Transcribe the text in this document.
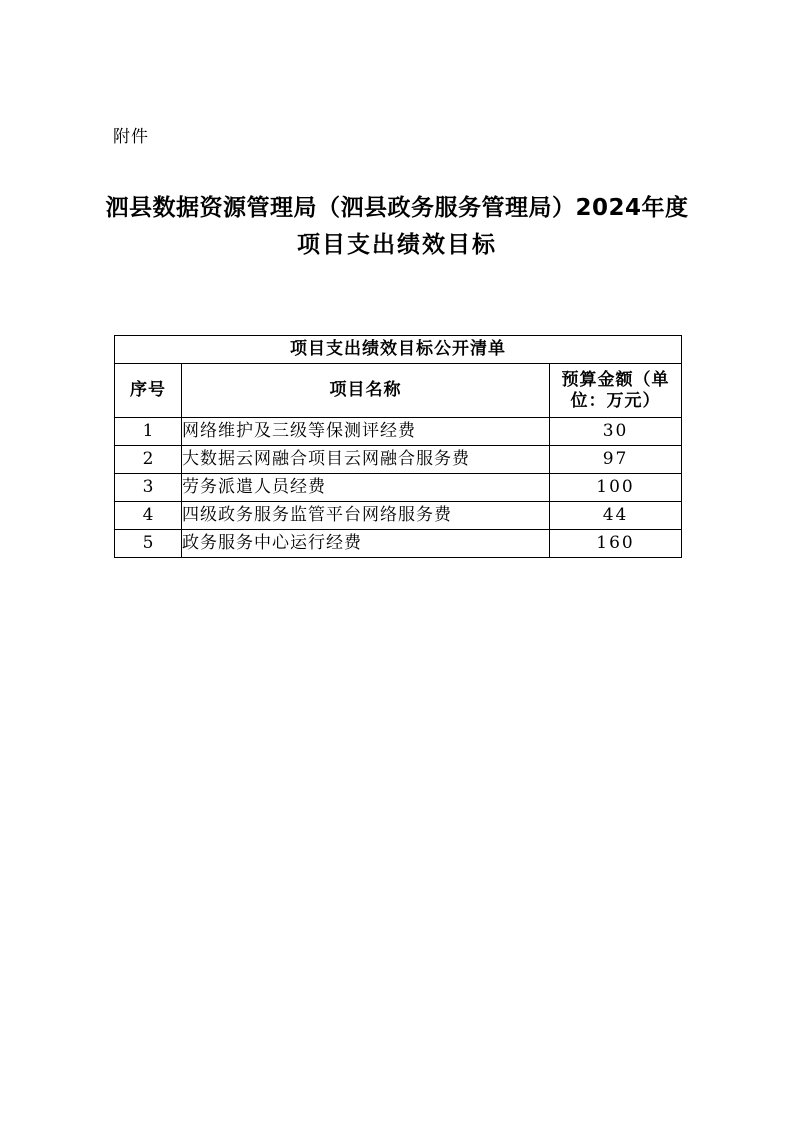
附件
泗县数据资源管理局（泗县政务服务管理局）2024年度
项目支出绩效目标
项目支出绩效目标公开清单		
序号	项目名称	预算金额（单位：万元）
1	网络维护及三级等保测评经费	30
2	大数据云网融合项目云网融合服务费	97
3	劳务派遣人员经费	100
4	四级政务服务监管平台网络服务费	44
5	政务服务中心运行经费	160
